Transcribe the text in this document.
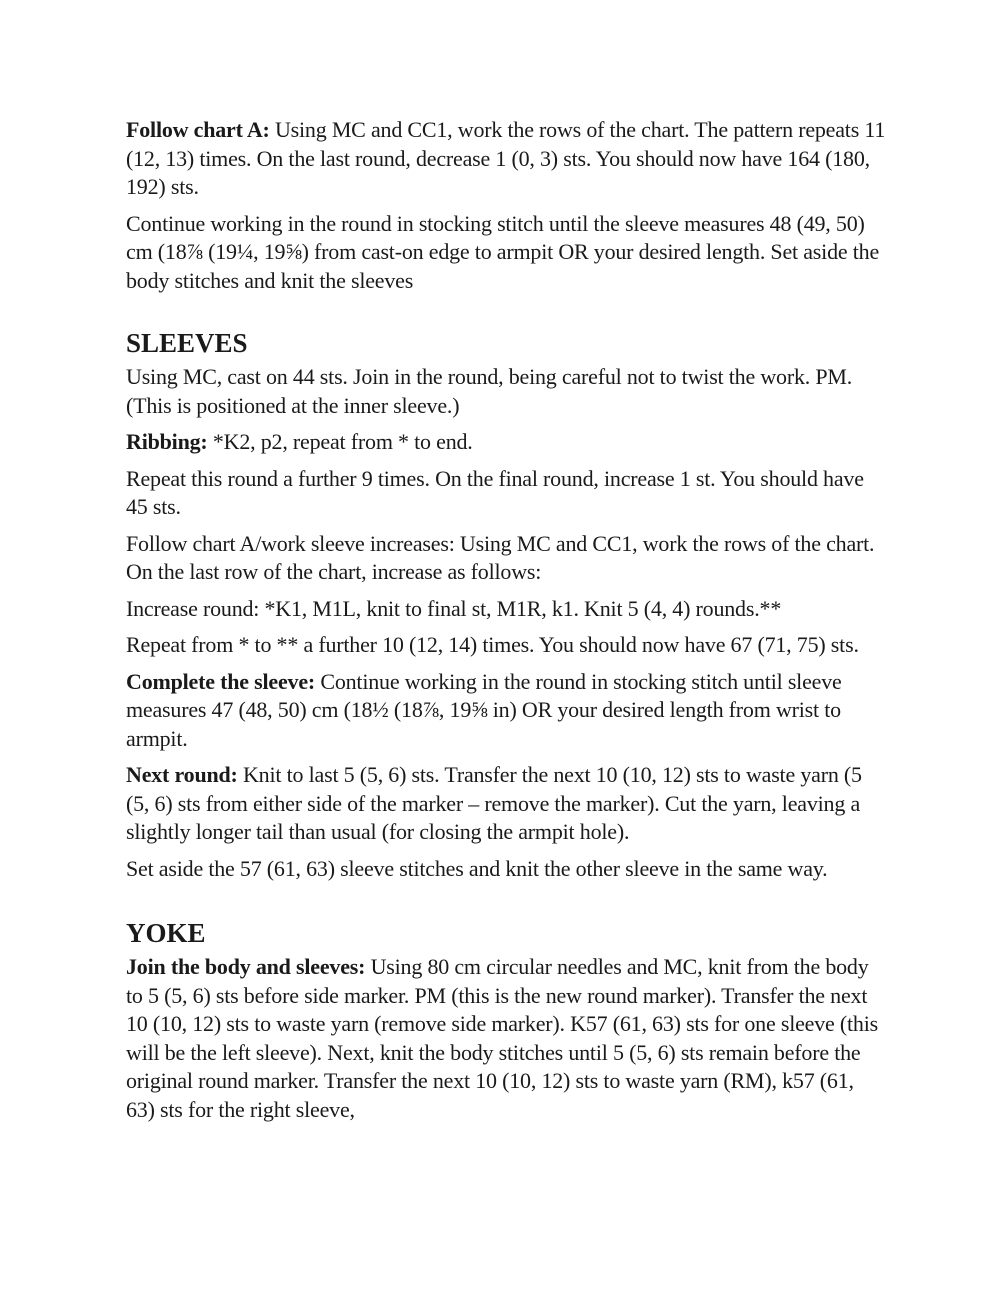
Follow chart A: Using MC and CC1, work the rows of the chart. The pattern repeats 11 (12, 13) times. On the last round, decrease 1 (0, 3) sts. You should now have 164 (180, 192) sts.

Continue working in the round in stocking stitch until the sleeve measures 48 (49, 50) cm (18⅞ (19¼, 19⅝) from cast-on edge to armpit OR your desired length. Set aside the body stitches and knit the sleeves

SLEEVES

Using MC, cast on 44 sts. Join in the round, being careful not to twist the work. PM. (This is positioned at the inner sleeve.)

Ribbing: *K2, p2, repeat from * to end.

Repeat this round a further 9 times. On the final round, increase 1 st. You should have 45 sts.

Follow chart A/work sleeve increases: Using MC and CC1, work the rows of the chart. On the last row of the chart, increase as follows:

Increase round: *K1, M1L, knit to final st, M1R, k1. Knit 5 (4, 4) rounds.**

Repeat from * to ** a further 10 (12, 14) times. You should now have 67 (71, 75) sts.

Complete the sleeve: Continue working in the round in stocking stitch until sleeve measures 47 (48, 50) cm (18½ (18⅞, 19⅝ in) OR your desired length from wrist to armpit.

Next round: Knit to last 5 (5, 6) sts. Transfer the next 10 (10, 12) sts to waste yarn (5 (5, 6) sts from either side of the marker – remove the marker). Cut the yarn, leaving a slightly longer tail than usual (for closing the armpit hole).

Set aside the 57 (61, 63) sleeve stitches and knit the other sleeve in the same way.

YOKE

Join the body and sleeves: Using 80 cm circular needles and MC, knit from the body to 5 (5, 6) sts before side marker. PM (this is the new round marker). Transfer the next 10 (10, 12) sts to waste yarn (remove side marker). K57 (61, 63) sts for one sleeve (this will be the left sleeve). Next, knit the body stitches until 5 (5, 6) sts remain before the original round marker. Transfer the next 10 (10, 12) sts to waste yarn (RM), k57 (61, 63) sts for the right sleeve,
